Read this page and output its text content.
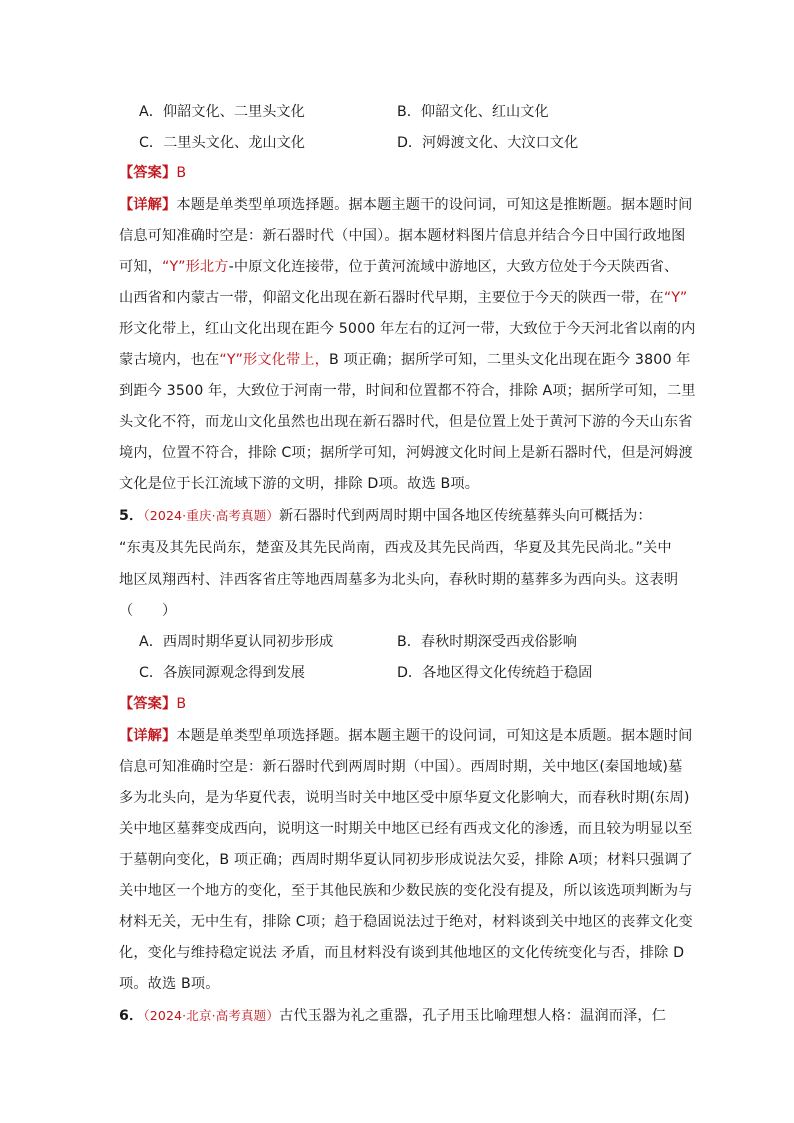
A．仰韶文化、二里头文化	B．仰韶文化、红山文化
C．二里头文化、龙山文化	D．河姆渡文化、大汶口文化
【答案】B
【详解】本题是单类型单项选择题。据本题主题干的设问词，可知这是推断题。据本题时间
信息可知准确时空是：新石器时代（中国）。据本题材料图片信息并结合今日中国行政地图
可知，“Y”形北方-中原文化连接带，位于黄河流域中游地区，大致方位处于今天陕西省、
山西省和内蒙古一带，仰韶文化出现在新石器时代早期，主要位于今天的陕西一带，在“Y”
形文化带上，红山文化出现在距今 5000 年左右的辽河一带，大致位于今天河北省以南的内
蒙古境内，也在“Y”形文化带上，B 项正确；据所学可知，二里头文化出现在距今 3800 年
到距今 3500 年，大致位于河南一带，时间和位置都不符合，排除 A项；据所学可知，二里
头文化不符，而龙山文化虽然也出现在新石器时代，但是位置上处于黄河下游的今天山东省
境内，位置不符合，排除 C项；据所学可知，河姆渡文化时间上是新石器时代，但是河姆渡
文化是位于长江流域下游的文明，排除 D项。故选 B项。
5．（2024·重庆·高考真题）新石器时代到两周时期中国各地区传统墓葬头向可概括为：
“东夷及其先民尚东，楚蛮及其先民尚南，西戎及其先民尚西，华夏及其先民尚北。”关中
地区凤翔西村、沣西客省庄等地西周墓多为北头向，春秋时期的墓葬多为西向头。这表明
（　　）
A．西周时期华夏认同初步形成	B．春秋时期深受西戎俗影响
C．各族同源观念得到发展	D．各地区得文化传统趋于稳固
【答案】B
【详解】本题是单类型单项选择题。据本题主题干的设问词，可知这是本质题。据本题时间
信息可知准确时空是：新石器时代到两周时期（中国）。西周时期，关中地区(秦国地域)墓
多为北头向，是为华夏代表，说明当时关中地区受中原华夏文化影响大，而春秋时期(东周)
关中地区墓葬变成西向，说明这一时期关中地区已经有西戎文化的渗透，而且较为明显以至
于墓朝向变化，B 项正确；西周时期华夏认同初步形成说法欠妥，排除 A项；材料只强调了
关中地区一个地方的变化，至于其他民族和少数民族的变化没有提及，所以该选项判断为与
材料无关，无中生有，排除 C项；趋于稳固说法过于绝对，材料谈到关中地区的丧葬文化变
化，变化与维持稳定说法 矛盾，而且材料没有谈到其他地区的文化传统变化与否，排除 D
项。故选 B项。
6．（2024·北京·高考真题）古代玉器为礼之重器，孔子用玉比喻理想人格：温润而泽，仁
